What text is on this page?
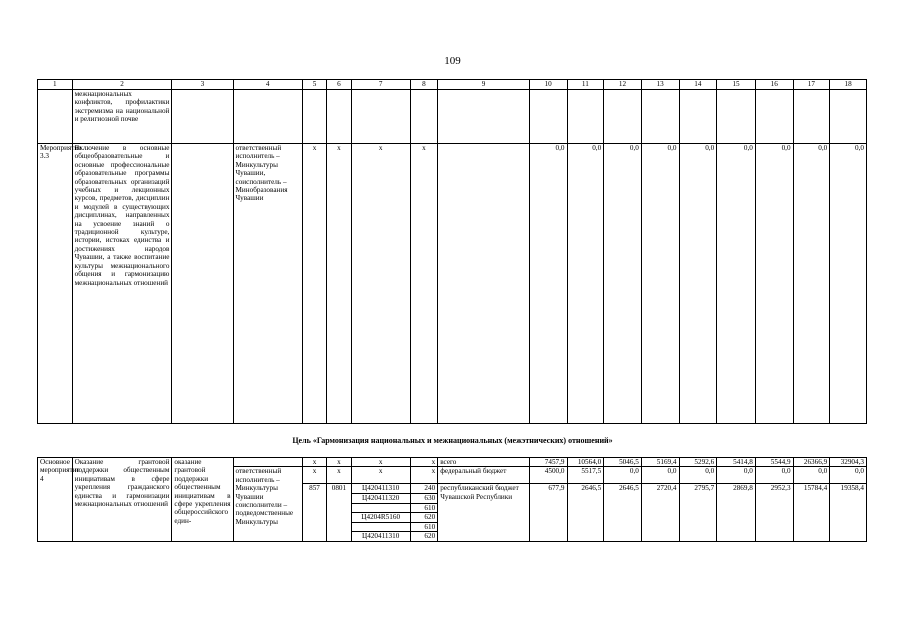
109
1	2	3	4	5	6	7	8	9	10	11	12	13	14	15	16	17	18
	межнациональных конфликтов, профилактики экстремизма на национальной и религиозной почве																
Мероприятие 3.3	Включение в основные общеобразовательные и основные профессиональные образовательные программы образовательных организаций учебных и лекционных курсов, предметов, дисциплин и модулей в существующих дисциплинах, направленных на усвоение знаний о традиционной культуре, истории, истоках единства и достижениях народов Чувашии, а также воспитание культуры межнационального общения и гармонизацию межнациональных отношений		ответственный исполнитель – Минкультуры Чувашии, соисполнитель – Минобразования Чувашии	x	x	x	x		0,0	0,0	0,0	0,0	0,0	0,0	0,0	0,0	0,0
Цель «Гармонизация национальных и межнациональных (межэтнических) отношений»
Основное мероприятие 4	Оказание грантовой поддержки общественным инициативам в сфере укрепления гражданского единства и гармонизации межнациональных отношений	оказание грантовой поддержки общественным инициативам в сфере укрепления общероссийского един-		x	x	x	x	всего	7457,9	10564,0	5046,5	5169,4	5292,6	5414,8	5544,9	26366,9	32904,3
			ответственный исполнитель – Минкультуры Чувашии соисполнители – подведомственные Минкультуры	x	x	x	x	федеральный бюджет	4500,0	5517,5	0,0	0,0	0,0	0,0	0,0	0,0	0,0
				857	0801	Ц420411310	240	республиканский бюджет Чувашской Республики	677,9	2646,5	2646,5	2720,4	2795,7	2869,8	2952,3	15784,4	19358,4
						Ц420411320	630										
							610										
						Ц4204R5160	620										
							610										
						Ц420411310	620										
